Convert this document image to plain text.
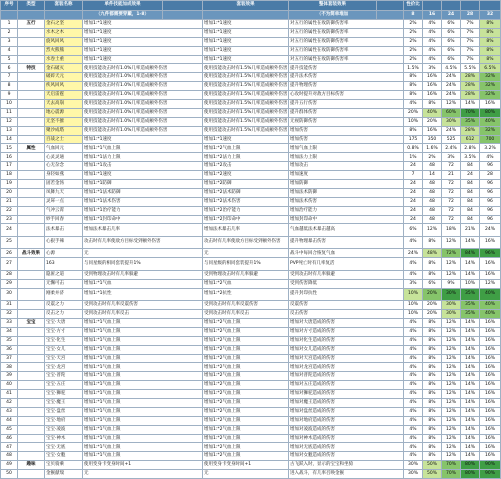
序号	类型	套装名称	单件技能加成效果		套装效果	整体套装效果		性价比				
			（九件都需要穿戴，1-8）			（不为简单堆加		8	16	24	28	32
1	五行	金石之坚	增加1:*1速度		增加1:*1速度	对五行的属性在收防御伤害率		2%	4%	6%	7%	8%
2		水木之木	增加1:*1速度		增加1:*1速度	对五行的属性在收防御伤害率		2%	4%	6%	7%	8%
3		旋风回风	增加1:*1速度		增加1:*1速度	对五行的属性在收防御伤害率		2%	4%	6%	7%	8%
4		烈火熊熊	增加1:*1速度		增加1:*1速度	对五行的属性在收防御伤害率		2%	4%	6%	7%	8%
5		水卷土重	增加1:*1速度		增加1:*1速度	对五行的属性在收防御伤害率		2%	4%	6%	7%	8%
6	特技	金石破灭	使用技能攻击时有1.0%几率造成额外伤害		使用技能攻击时有1.5%几率造成额外伤害	提升技能伤害		1.5%	3%	4.5%	5.5%	6.5%
7		破碎天元	使用技能攻击时有1.0%几率造成额外伤害		使用技能攻击时有1.5%几率造成额外伤害	提升法术伤害		8%	16%	24%	28%	32%
8		疾风回风	使用技能攻击时有1.0%几率造成额外伤害		使用技能攻击时有1.5%几率造成额外伤害	提升物理伤害		8%	16%	24%	28%	32%
9		天启雷霆	使用技能攻击时有1.0%几率造成额外伤害		使用技能攻击时有1.5%几率造成额外伤害	心攻时提升对敌方目标伤害		8%	16%	24%	28%	32%
10		天去高崩	使用技能攻击时有1.0%几率造成额外伤害		使用技能攻击时有1.5%几率造成额外伤害	提升五行伤害		4%	8%	12%	14%	16%
11		地心震源	使用技能攻击时有1.0%几率造成额外伤害		使用技能攻击时有1.5%几率造成额外伤害	提升群体伤害		20%	40%	60%	70%	80%
12		无坚不摧	使用技能攻击时有1.0%几率造成额外伤害		使用技能攻击时有1.5%几率造成额外伤害	无视防御伤害		10%	20%	30%	35%	40%
13		聚沙成塔	使用技能攻击时有1.0%几率造成额外伤害		使用技能攻击时有1.5%几率造成额外伤害	增加伤害		8%	16%	24%	28%	32%
14		百战之士	增加1:*1速度		增加1:*1速度	增加伤害		175	350	525	612	700
15	属性	气血回元	增加1:*1气血上限		增加1:*2气血上限	增加气血上限		0.8%	1.6%	2.4%	2.8%	3.2%
16		心灵灵通	增加1:*1法力上限		增加1:*2法力上限	增加法力上限		1%	2%	3%	3.5%	4%
17		心无杂念	增加1:*1攻击		增加1:*2攻击	增加攻击		24	48	72	84	96
18		身轻如燕	增加1:*1速度		增加1:*2速度	增加速度		7	14	21	24	28
19		固若金汤	增加1:*1防御		增加1:*2防御	增加防御		24	48	72	84	96
20		凤舞九天	增加1:*1法术防御		增加1:*2法术防御	增加法术防御		24	48	72	84	96
21		灵犀一点	增加1:*1法术伤害		增加1:*2法术伤害	增加法术伤害		24	48	72	84	96
22		气冲云霄	增加1:*1治疗能力		增加1:*2治疗能力	增加治疗能力		24	48	72	84	96
23		妙手回春	增加1:*1封印命中		增加1:*2封印命中	增加封印命中		24	48	72	84	96
24		法术暴击	增加法术暴击几率		增加法术暴击几率	气血越低法术暴击越高		6%	12%	18%	21%	24%
25		心狠手辣	攻击时有几率使敌方目标受到额外伤害		攻击时有几率使敌方目标受到额外伤害	提升物理暴击伤害		4%	8%	12%	14%	16%
26	战斗效果	心源	无		无	战斗中每回合恢复气血		24%	48%	72%	84%	96%
27		163	与同星级的相同套装提升1%		与同星级的相同套装提升1%	PVP死亡时有几率复活		4%	8%	12%	14%	16%
28		隐匿之道	受到物理攻击时有几率躲避		受到物理攻击时有几率躲避	受到攻击时有几率躲避		4%	8%	12%	14%	16%
29		无懈可击	增加1:*1气血		增加1:*2气血	受到伤害降低		3%	6%	9%	10%	12%
30		刚柔并济	增加1:*1抗性		增加1:*2抗性	提升封印抗性		10%	20%	30%	35%	40%
31		反震之力	受到攻击时有几率反震伤害		受到攻击时有几率反震伤害	反震伤害		10%	20%	30%	35%	40%
32		反击之力	受到攻击时有几率反击		受到攻击时有几率反击	反击伤害		10%	20%	30%	35%	40%
33	宝宝	宝宝·大唐	增加1:*1气血上限		增加1:*2气血上限	增加对大唐造成的伤害		4%	8%	12%	14%	16%
34		宝宝·方寸	增加1:*1气血上限		增加1:*2气血上限	增加对方寸造成的伤害		4%	8%	12%	14%	16%
35		宝宝·化生	增加1:*1气血上限		增加1:*2气血上限	增加对化生造成的伤害		4%	8%	12%	14%	16%
36		宝宝·女儿	增加1:*1气血上限		增加1:*2气血上限	增加对女儿造成的伤害		4%	8%	12%	14%	16%
37		宝宝·天宫	增加1:*1气血上限		增加1:*2气血上限	增加对天宫造成的伤害		4%	8%	12%	14%	16%
38		宝宝·龙宫	增加1:*1气血上限		增加1:*2气血上限	增加对龙宫造成的伤害		4%	8%	12%	14%	16%
39		宝宝·普陀	增加1:*1气血上限		增加1:*2气血上限	增加对普陀造成的伤害		4%	8%	12%	14%	16%
40		宝宝·五庄	增加1:*1气血上限		增加1:*2气血上限	增加对五庄造成的伤害		4%	8%	12%	14%	16%
41		宝宝·狮驼	增加1:*1气血上限		增加1:*2气血上限	增加对狮驼造成的伤害		4%	8%	12%	14%	16%
42		宝宝·魔王	增加1:*1气血上限		增加1:*2气血上限	增加对魔王造成的伤害		4%	8%	12%	14%	16%
43		宝宝·盘丝	增加1:*1气血上限		增加1:*2气血上限	增加对盘丝造成的伤害		4%	8%	12%	14%	16%
44		宝宝·地府	增加1:*1气血上限		增加1:*2气血上限	增加对地府造成的伤害		4%	8%	12%	14%	16%
45		宝宝·凌波	增加1:*1气血上限		增加1:*2气血上限	增加对凌波造成的伤害		4%	8%	12%	14%	16%
46		宝宝·神木	增加1:*1气血上限		增加1:*2气血上限	增加对神木造成的伤害		4%	8%	12%	14%	16%
47		宝宝·无底	增加1:*1气血上限		增加1:*2气血上限	增加对无底造成的伤害		4%	8%	12%	14%	16%
48		宝宝·女魃	增加1:*1气血上限		增加1:*2气血上限	增加对女魃造成的伤害		4%	8%	12%	14%	16%
49	趣味	宝贝骑乘	使用变身卡变身时间+1		使用变身卡变身时间+1	古飞跃入时，显示的宝宝和坐骑		30%	50%	70%	80%	90%
50		金猴献瑞	无		无	进入战斗，有几率召唤金猴		30%	50%	70%	80%	90%
